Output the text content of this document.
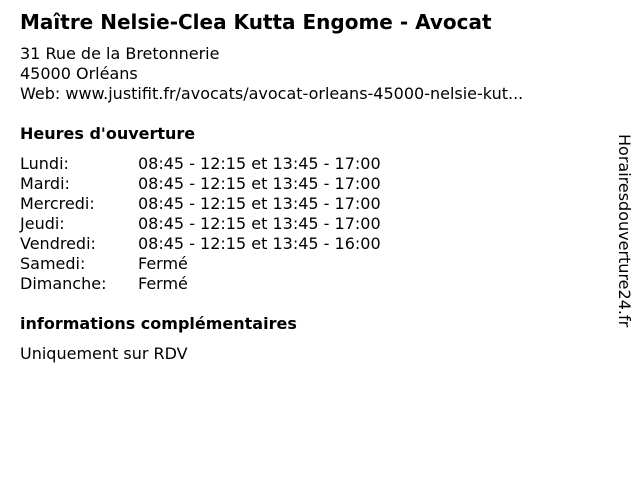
Maître Nelsie-Clea Kutta Engome - Avocat
31 Rue de la Bretonnerie
45000 Orléans
Web: www.justifit.fr/avocats/avocat-orleans-45000-nelsie-kut...
Heures d'ouverture
Lundi:	08:45 - 12:15 et 13:45 - 17:00
Mardi:	08:45 - 12:15 et 13:45 - 17:00
Mercredi:	08:45 - 12:15 et 13:45 - 17:00
Jeudi:	08:45 - 12:15 et 13:45 - 17:00
Vendredi:	08:45 - 12:15 et 13:45 - 16:00
Samedi:	Fermé
Dimanche: Fermé
informations complémentaires
Uniquement sur RDV
Horairesdouverture24.fr
